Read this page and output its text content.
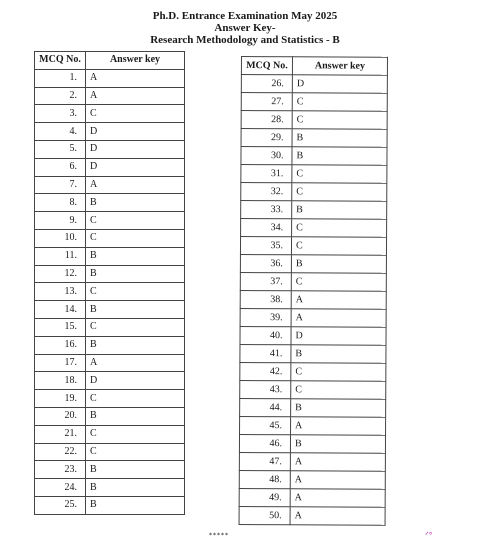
Ph.D. Entrance Examination May 2025
Answer Key-
Research Methodology and Statistics - B
MCQ No.	Answer key
1.	A
2.	A
3.	C
4.	D
5.	D
6.	D
7.	A
8.	B
9.	C
10.	C
11.	B
12.	B
13.	C
14.	B
15.	C
16.	B
17.	A
18.	D
19.	C
20.	B
21.	C
22.	C
23.	B
24.	B
25.	B
MCQ No.	Answer key
26.	D
27.	C
28.	C
29.	B
30.	B
31.	C
32.	C
33.	B
34.	C
35.	C
36.	B
37.	C
38.	A
39.	A
40.	D
41.	B
42.	C
43.	C
44.	B
45.	A
46.	B
47.	A
48.	A
49.	A
50.	A
*****	ᐟᐤ
